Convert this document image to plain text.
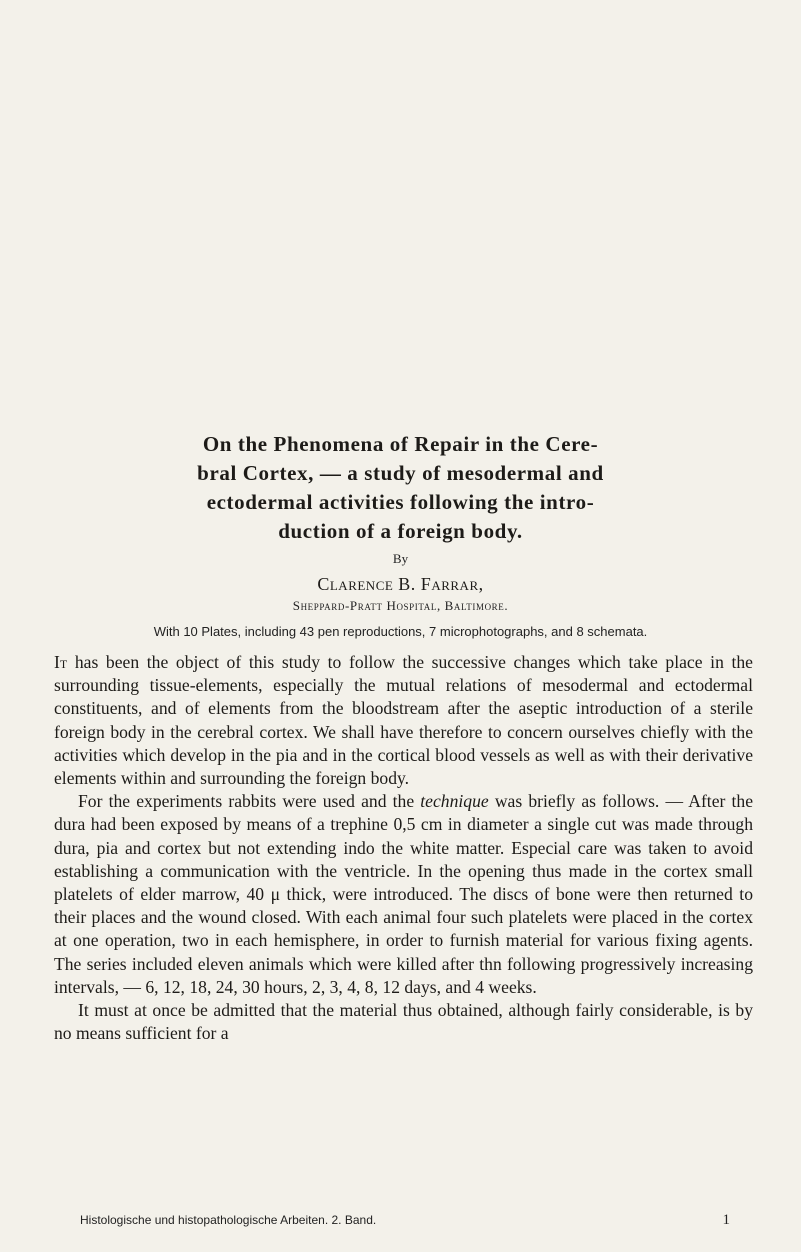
On the Phenomena of Repair in the Cere-
bral Cortex, — a study of mesodermal and
ectodermal activities following the intro-
duction of a foreign body.
By
Clarence B. Farrar,
Sheppard-Pratt Hospital, Baltimore.
With 10 Plates, including 43 pen reproductions, 7 microphotographs, and 8 schemata.

It has been the object of this study to follow the successive changes which take place in the surrounding tissue-elements, especially the mutual relations of mesodermal and ectodermal constituents, and of elements from the bloodstream after the aseptic introduction of a sterile foreign body in the cerebral cortex. We shall have therefore to concern ourselves chiefly with the activities which develop in the pia and in the cortical blood vessels as well as with their derivative elements within and surrounding the foreign body.

For the experiments rabbits were used and the technique was briefly as follows. — After the dura had been exposed by means of a trephine 0,5 cm in diameter a single cut was made through dura, pia and cortex but not extending indo the white matter. Especial care was taken to avoid establishing a communication with the ventricle. In the opening thus made in the cortex small platelets of elder marrow, 40 μ thick, were introduced. The discs of bone were then returned to their places and the wound closed. With each animal four such platelets were placed in the cortex at one operation, two in each hemisphere, in order to furnish material for various fixing agents. The series included eleven animals which were killed after thn following progressively increasing intervals, — 6, 12, 18, 24, 30 hours, 2, 3, 4, 8, 12 days, and 4 weeks.

It must at once be admitted that the material thus obtained, although fairly considerable, is by no means sufficient for a

Histologische und histopathologische Arbeiten. 2. Band.	1
